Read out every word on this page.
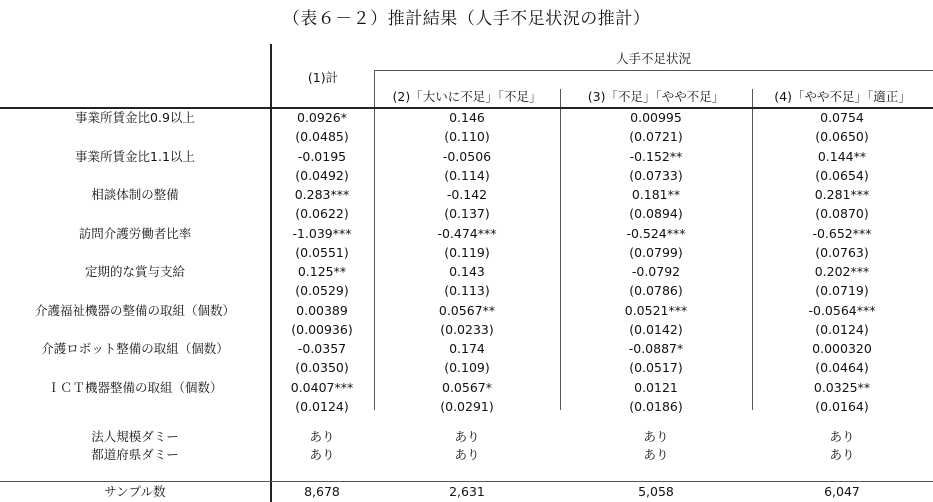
（表６－２）推計結果（人手不足状況の推計）
(1)計
人手不足状況
(2)「大いに不足」「不足」	(3)「不足」「やや不足」	(4)「やや不足」「適正」
事業所賃金比0.9以上	0.0926*	0.146	0.00995	0.0754
(0.0485)	(0.110)	(0.0721)	(0.0650)
事業所賃金比1.1以上	-0.0195	-0.0506	-0.152**	0.144**
(0.0492)	(0.114)	(0.0733)	(0.0654)
相談体制の整備	0.283***	-0.142	0.181**	0.281***
(0.0622)	(0.137)	(0.0894)	(0.0870)
訪問介護労働者比率	-1.039***	-0.474***	-0.524***	-0.652***
(0.0551)	(0.119)	(0.0799)	(0.0763)
定期的な賞与支給	0.125**	0.143	-0.0792	0.202***
(0.0529)	(0.113)	(0.0786)	(0.0719)
介護福祉機器の整備の取組（個数）	0.00389	0.0567**	0.0521***	-0.0564***
(0.00936)	(0.0233)	(0.0142)	(0.0124)
介護ロボット整備の取組（個数）	-0.0357	0.174	-0.0887*	0.000320
(0.0350)	(0.109)	(0.0517)	(0.0464)
ＩＣＴ機器整備の取組（個数）	0.0407***	0.0567*	0.0121	0.0325**
(0.0124)	(0.0291)	(0.0186)	(0.0164)
法人規模ダミー	あり	あり	あり	あり
都道府県ダミー	あり	あり	あり	あり
サンプル数	8,678	2,631	5,058	6,047
